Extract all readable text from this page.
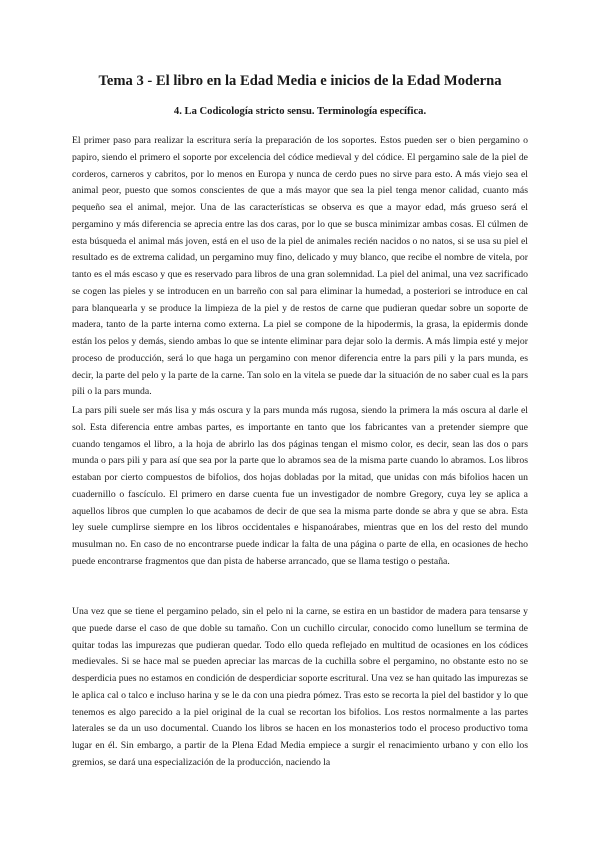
Tema 3 - El libro en la Edad Media e inicios de la Edad Moderna
4. La Codicología stricto sensu. Terminología específica.

El primer paso para realizar la escritura sería la preparación de los soportes. Estos pueden ser o bien pergamino o papiro, siendo el primero el soporte por excelencia del códice medieval y del códice. El pergamino sale de la piel de corderos, carneros y cabritos, por lo menos en Europa y nunca de cerdo pues no sirve para esto. A más viejo sea el animal peor, puesto que somos conscientes de que a más mayor que sea la piel tenga menor calidad, cuanto más pequeño sea el animal, mejor. Una de las características se observa es que a mayor edad, más grueso será el pergamino y más diferencia se aprecia entre las dos caras, por lo que se busca minimizar ambas cosas. El cúlmen de esta búsqueda el animal más joven, está en el uso de la piel de animales recién nacidos o no natos, si se usa su piel el resultado es de extrema calidad, un pergamino muy fino, delicado y muy blanco, que recibe el nombre de vitela, por tanto es el más escaso y que es reservado para libros de una gran solemnidad. La piel del animal, una vez sacrificado se cogen las pieles y se introducen en un barreño con sal para eliminar la humedad, a posteriori se introduce en cal para blanquearla y se produce la limpieza de la piel y de restos de carne que pudieran quedar sobre un soporte de madera, tanto de la parte interna como externa. La piel se compone de la hipodermis, la grasa, la epidermis donde están los pelos y demás, siendo ambas lo que se intente eliminar para dejar solo la dermis. A más limpia esté y mejor proceso de producción, será lo que haga un pergamino con menor diferencia entre la pars pili y la pars munda, es decir, la parte del pelo y la parte de la carne. Tan solo en la vitela se puede dar la situación de no saber cual es la pars pili o la pars munda.

La pars pili suele ser más lisa y más oscura y la pars munda más rugosa, siendo la primera la más oscura al darle el sol. Esta diferencia entre ambas partes, es importante en tanto que los fabricantes van a pretender siempre que cuando tengamos el libro, a la hoja de abrirlo las dos páginas tengan el mismo color, es decir, sean las dos o pars munda o pars pili y para así que sea por la parte que lo abramos sea de la misma parte cuando lo abramos. Los libros estaban por cierto compuestos de bifolios, dos hojas dobladas por la mitad, que unidas con más bifolios hacen un cuadernillo o fascículo. El primero en darse cuenta fue un investigador de nombre Gregory, cuya ley se aplica a aquellos libros que cumplen lo que acabamos de decir de que sea la misma parte donde se abra y que se abra. Esta ley suele cumplirse siempre en los libros occidentales e hispanoárabes, mientras que en los del resto del mundo musulman no. En caso de no encontrarse puede indicar la falta de una página o parte de ella, en ocasiones de hecho puede encontrarse fragmentos que dan pista de haberse arrancado, que se llama testigo o pestaña.

Una vez que se tiene el pergamino pelado, sin el pelo ni la carne, se estira en un bastidor de madera para tensarse y que puede darse el caso de que doble su tamaño. Con un cuchillo circular, conocido como lunellum se termina de quitar todas las impurezas que pudieran quedar. Todo ello queda reflejado en multitud de ocasiones en los códices medievales. Si se hace mal se pueden apreciar las marcas de la cuchilla sobre el pergamino, no obstante esto no se desperdicia pues no estamos en condición de desperdiciar soporte escritural. Una vez se han quitado las impurezas se le aplica cal o talco e incluso harina y se le da con una piedra pómez. Tras esto se recorta la piel del bastidor y lo que tenemos es algo parecido a la piel original de la cual se recortan los bifolios. Los restos normalmente a las partes laterales se da un uso documental. Cuando los libros se hacen en los monasterios todo el proceso productivo toma lugar en él. Sin embargo, a partir de la Plena Edad Media empiece a surgir el renacimiento urbano y con ello los gremios, se dará una especialización de la producción, naciendo la
